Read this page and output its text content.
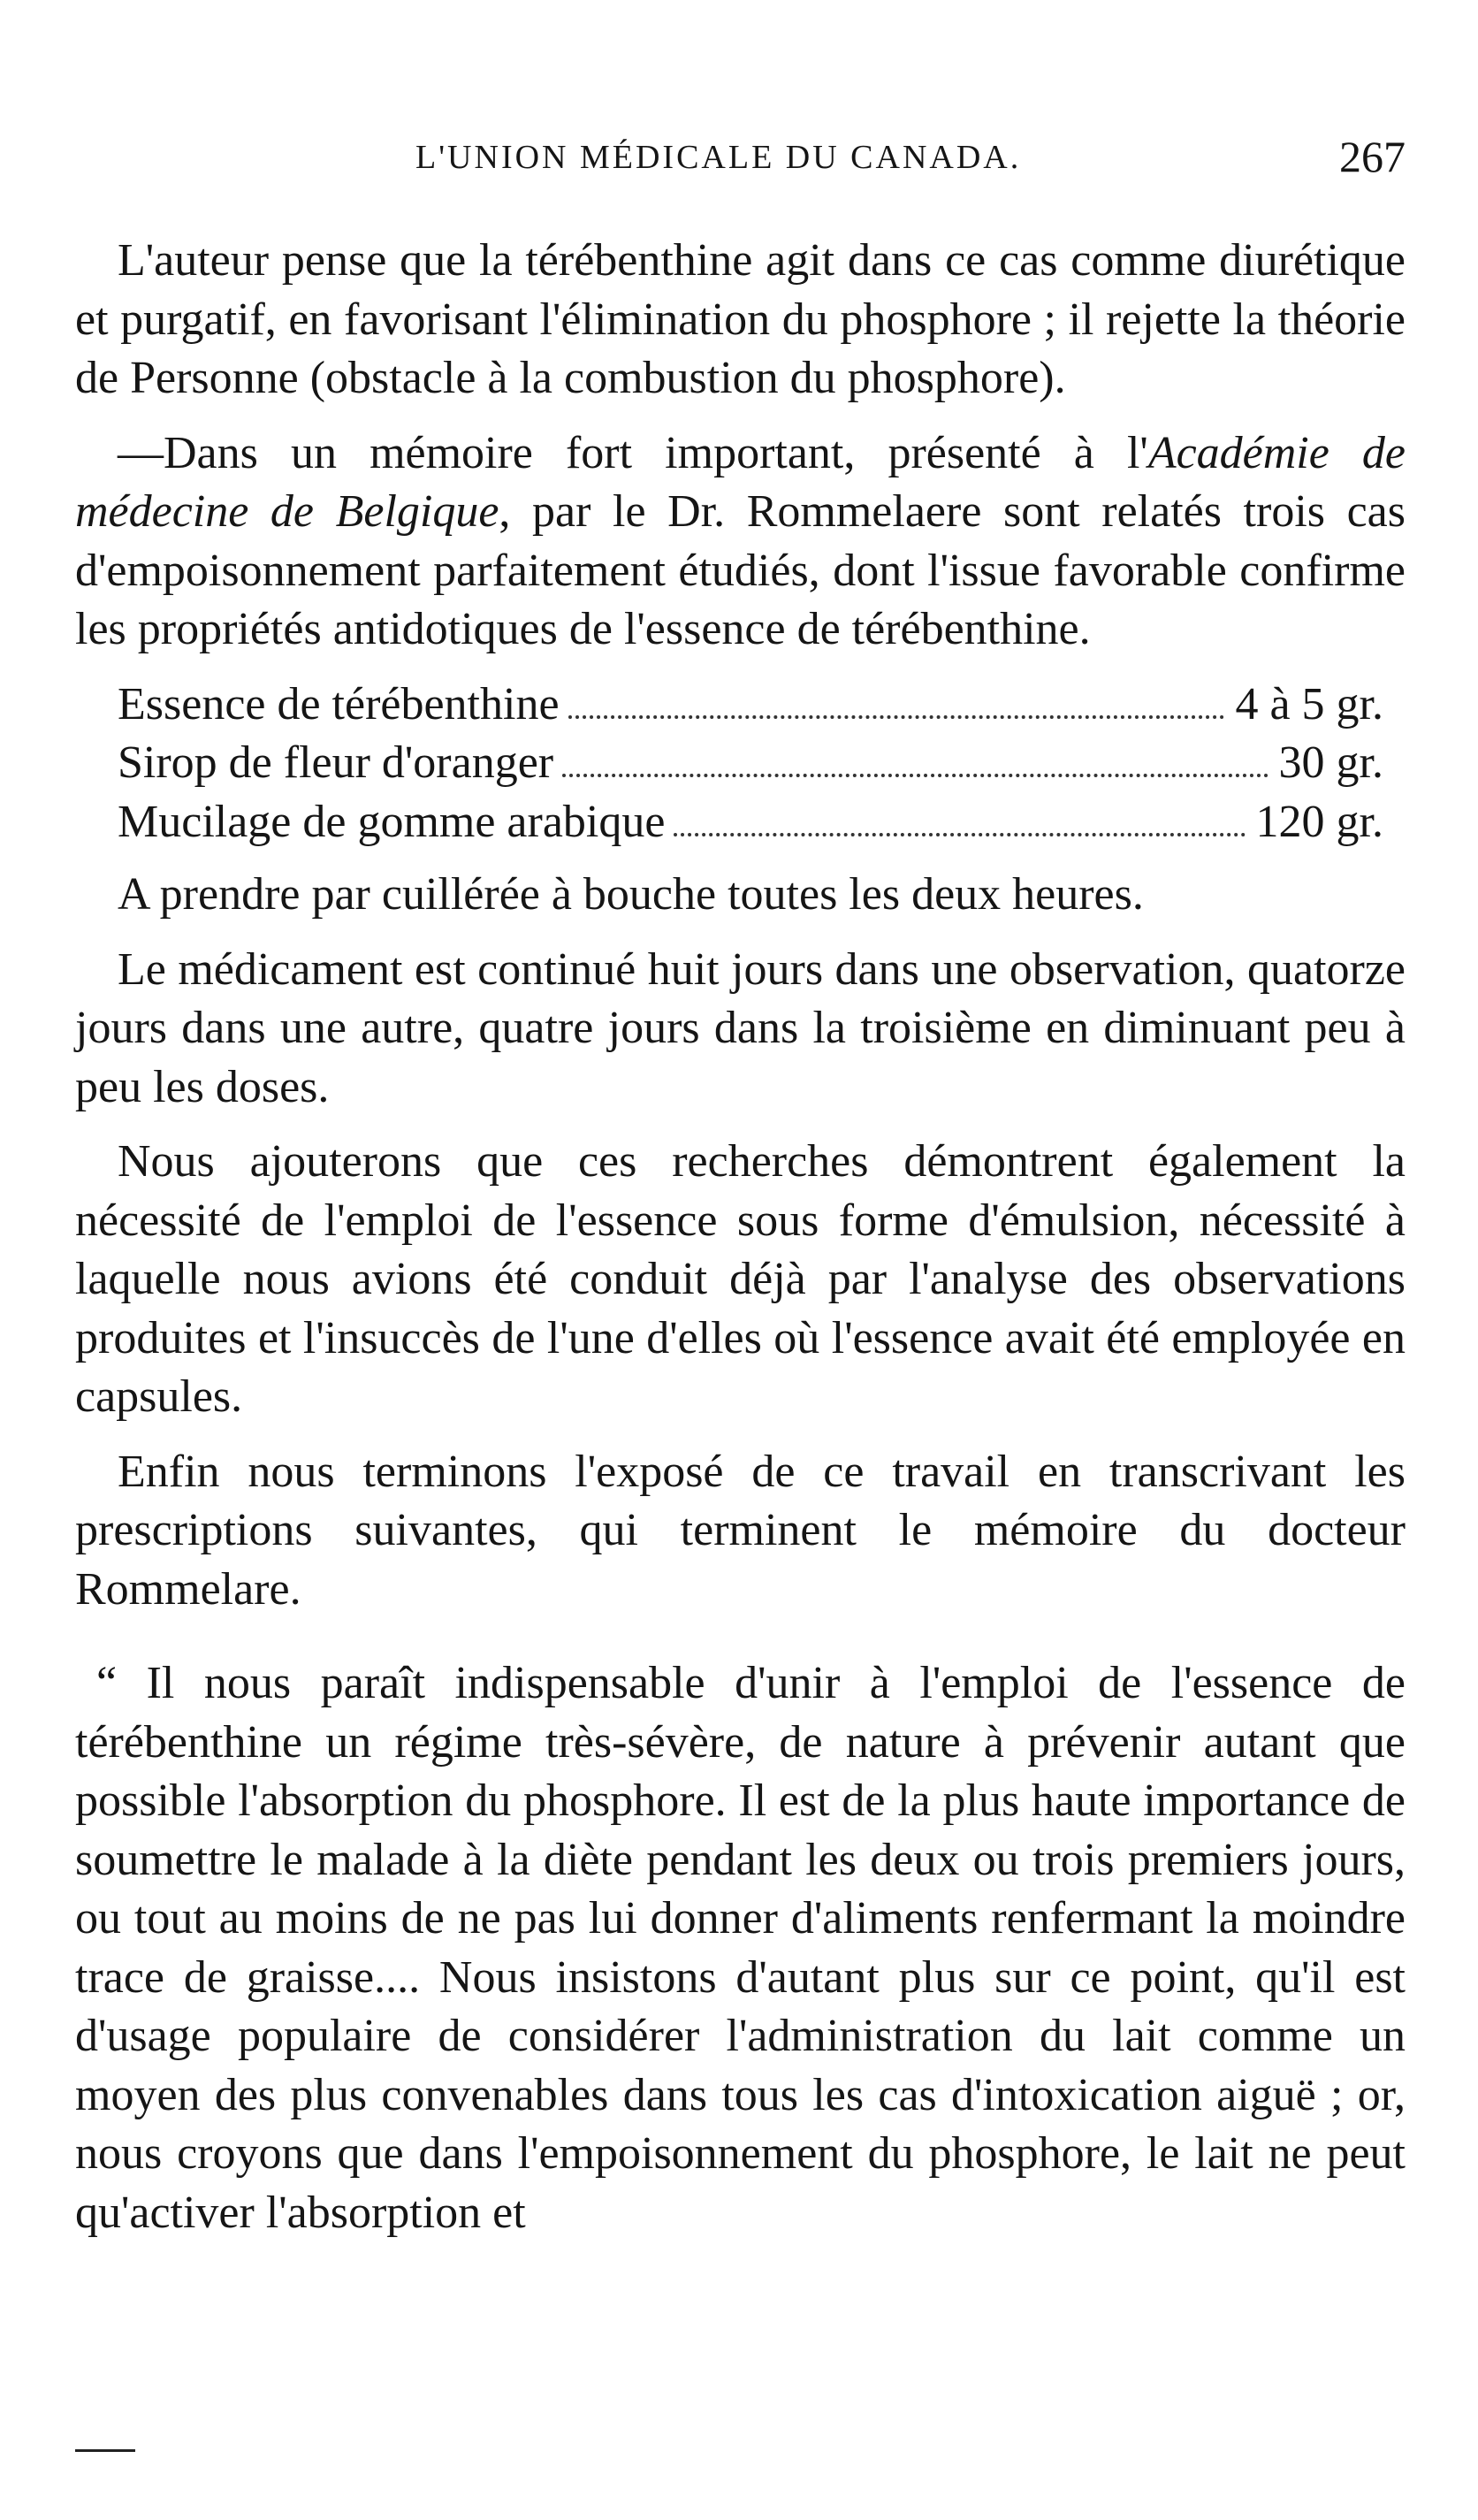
L'UNION MÉDICALE DU CANADA.	267

L'auteur pense que la térébenthine agit dans ce cas comme diurétique et purgatif, en favorisant l'élimination du phosphore ; il rejette la théorie de Personne (obstacle à la combustion du phosphore).

—Dans un mémoire fort important, présenté à l'Académie de médecine de Belgique, par le Dr. Rommelaere sont relatés trois cas d'empoisonnement parfaitement étudiés, dont l'issue favorable confirme les propriétés antidotiques de l'essence de térébenthine.

Essence de térébenthine	4 à 5 gr.
Sirop de fleur d'oranger	30 gr.
Mucilage de gomme arabique	120 gr.

A prendre par cuillérée à bouche toutes les deux heures.

Le médicament est continué huit jours dans une observation, quatorze jours dans une autre, quatre jours dans la troisième en diminuant peu à peu les doses.

Nous ajouterons que ces recherches démontrent également la nécessité de l'emploi de l'essence sous forme d'émulsion, nécessité à laquelle nous avions été conduit déjà par l'analyse des observations produites et l'insuccès de l'une d'elles où l'essence avait été employée en capsules.

Enfin nous terminons l'exposé de ce travail en transcrivant les prescriptions suivantes, qui terminent le mémoire du docteur Rommelare.

“ Il nous paraît indispensable d'unir à l'emploi de l'essence de térébenthine un régime très-sévère, de nature à prévenir autant que possible l'absorption du phosphore. Il est de la plus haute importance de soumettre le malade à la diète pendant les deux ou trois premiers jours, ou tout au moins de ne pas lui donner d'aliments renfermant la moindre trace de graisse.... Nous insistons d'autant plus sur ce point, qu'il est d'usage populaire de considérer l'administration du lait comme un moyen des plus convenables dans tous les cas d'intoxication aiguë ; or, nous croyons que dans l'empoisonnement du phosphore, le lait ne peut qu'activer l'absorption et
